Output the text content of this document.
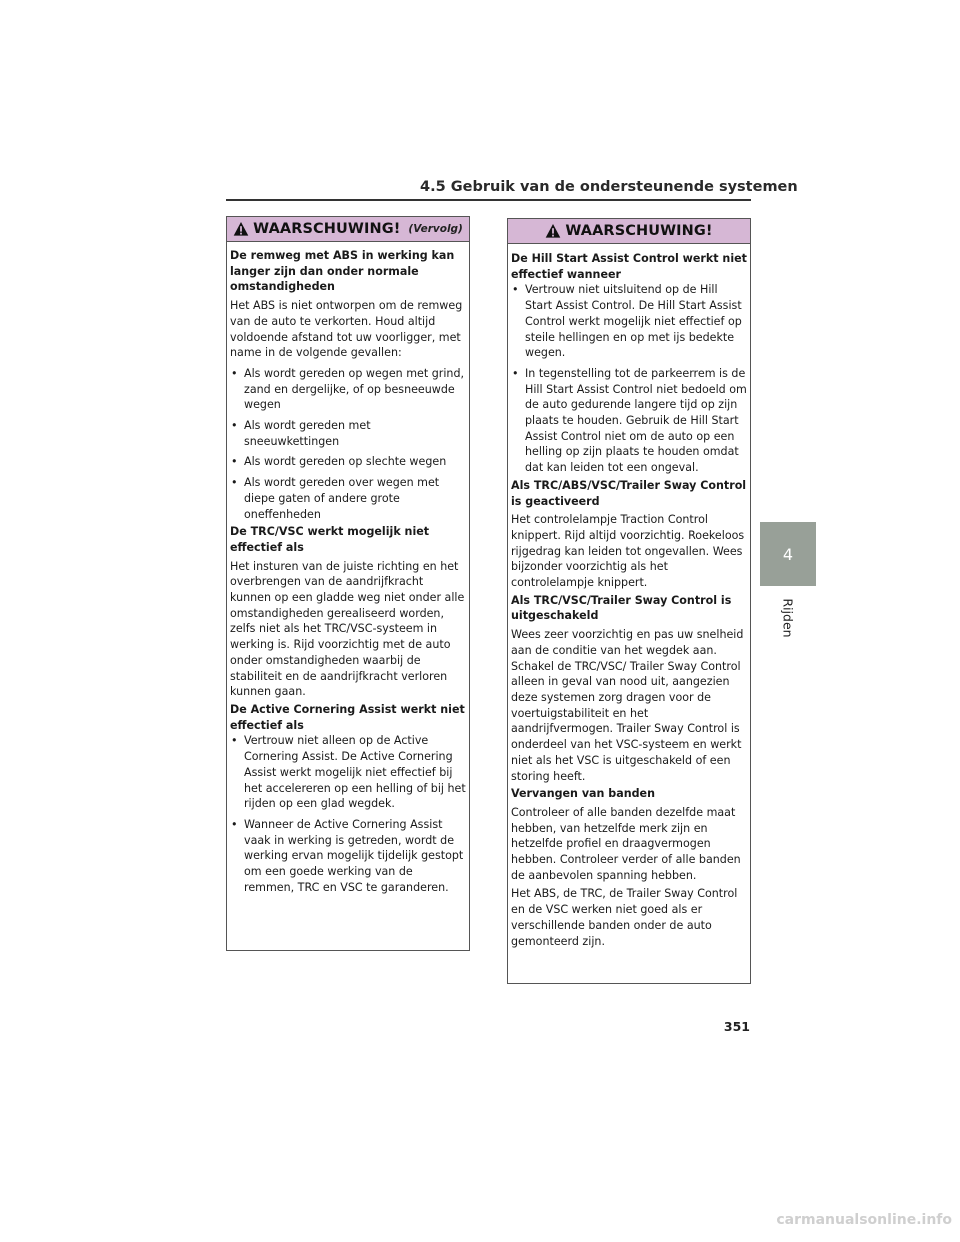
4.5 Gebruik van de ondersteunende systemen
WAARSCHUWING! (Vervolg)
De remweg met ABS in werking kan langer zijn dan onder normale omstandigheden
Het ABS is niet ontworpen om de remweg van de auto te verkorten. Houd altijd voldoende afstand tot uw voorligger, met name in de volgende gevallen:
• Als wordt gereden op wegen met grind, zand en dergelijke, of op besneeuwde wegen
• Als wordt gereden met sneeuwkettingen
• Als wordt gereden op slechte wegen
• Als wordt gereden over wegen met diepe gaten of andere grote oneffenheden
De TRC/VSC werkt mogelijk niet effectief als
Het insturen van de juiste richting en het overbrengen van de aandrijfkracht kunnen op een gladde weg niet onder alle omstandigheden gerealiseerd worden, zelfs niet als het TRC/VSC-systeem in werking is. Rijd voorzichtig met de auto onder omstandigheden waarbij de stabiliteit en de aandrijfkracht verloren kunnen gaan.
De Active Cornering Assist werkt niet effectief als
• Vertrouw niet alleen op de Active Cornering Assist. De Active Cornering Assist werkt mogelijk niet effectief bij het accelereren op een helling of bij het rijden op een glad wegdek.
• Wanneer de Active Cornering Assist vaak in werking is getreden, wordt de werking ervan mogelijk tijdelijk gestopt om een goede werking van de remmen, TRC en VSC te garanderen.
WAARSCHUWING!
De Hill Start Assist Control werkt niet effectief wanneer
• Vertrouw niet uitsluitend op de Hill Start Assist Control. De Hill Start Assist Control werkt mogelijk niet effectief op steile hellingen en op met ijs bedekte wegen.
• In tegenstelling tot de parkeerrem is de Hill Start Assist Control niet bedoeld om de auto gedurende langere tijd op zijn plaats te houden. Gebruik de Hill Start Assist Control niet om de auto op een helling op zijn plaats te houden omdat dat kan leiden tot een ongeval.
Als TRC/ABS/VSC/Trailer Sway Control is geactiveerd
Het controlelampje Traction Control knippert. Rijd altijd voorzichtig. Roekeloos rijgedrag kan leiden tot ongevallen. Wees bijzonder voorzichtig als het controlelampje knippert.
Als TRC/VSC/Trailer Sway Control is uitgeschakeld
Wees zeer voorzichtig en pas uw snelheid aan de conditie van het wegdek aan. Schakel de TRC/VSC/ Trailer Sway Control alleen in geval van nood uit, aangezien deze systemen zorg dragen voor de voertuigstabiliteit en het aandrijfvermogen. Trailer Sway Control is onderdeel van het VSC-systeem en werkt niet als het VSC is uitgeschakeld of een storing heeft.
Vervangen van banden
Controleer of alle banden dezelfde maat hebben, van hetzelfde merk zijn en hetzelfde profiel en draagvermogen hebben. Controleer verder of alle banden de aanbevolen spanning hebben.
Het ABS, de TRC, de Trailer Sway Control en de VSC werken niet goed als er verschillende banden onder de auto gemonteerd zijn.
4
Rijden
351
carmanualsonline.info
